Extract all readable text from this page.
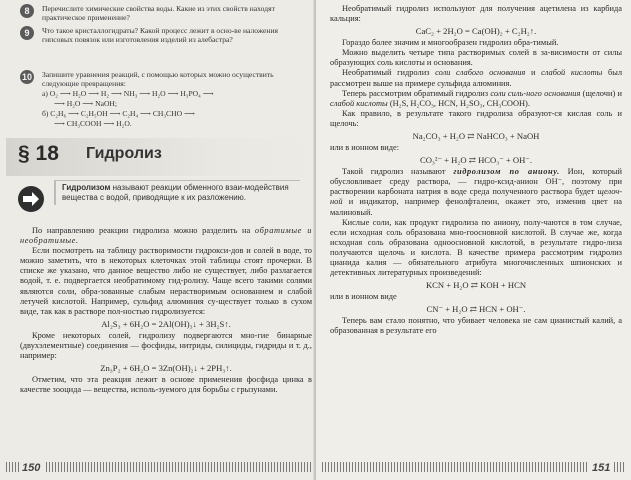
8	Перечислите химические свойства воды. Какие из этих свойств находят практическое применение?
9	Что такое кристаллогидраты? Какой процесс лежит в осно-ве наложения гипсовых повязок или изготовления изделий из алебастра?
10 Запишите уравнения реакций, с помощью которых можно осуществить следующие превращения:
а) O₂ ⟶ H₂O ⟶ H₂ ⟶ NH₃ ⟶ H₂O ⟶ H₃PO₄ ⟶
⟶ H₂O ⟶ NaOH;
б) C₂H₆ ⟶ C₂H₅OH ⟶ C₂H₄ ⟶ CH₃CHO ⟶
⟶ CH₃COOH ⟶ H₂O.
§ 18 Гидролиз
Гидролизом называют реакции обменного взаи-модействия вещества с водой, приводящие к их разложению.

По направлению реакции гидролиза можно разделить на обратимые и необратимые.

Если посмотреть на таблицу растворимости гидрокси-дов и солей в воде, то можно заметить, что в некоторых клеточках этой таблицы стоят прочерки. В списке же указано, что данное вещество либо не существует, либо разлагается водой, т. е. подвергается необратимому гид-ролизу. Чаще всего такими солями являются соли, обра-зованные слабым нерастворимым основанием и слабой летучей кислотой. Например, сульфид алюминия су-ществует только в сухом виде, так как в растворе пол-ностью гидролизуется:

Al₂S₃ + 6H₂O = 2Al(OH)₃↓ + 3H₂S↑.

Кроме некоторых солей, гидролизу подвергаются мно-гие бинарные (двухэлементные) соединения — фосфиды, нитриды, силициды, гидриды и т. д., например:

Zn₃P₂ + 6H₂O = 3Zn(OH)₂↓ + 2PH₃↑.

Отметим, что эта реакция лежит в основе применения фосфида цинка в качестве зооцида — вещества, исполь-зуемого для борьбы с грызунами.

150

Необратимый гидролиз используют для получения ацетилена из карбида кальция:

CaC₂ + 2H₂O = Ca(OH)₂ + C₂H₂↑.

Гораздо более значим и многообразен гидролиз обра-тимый.

Можно выделить четыре типа растворимых солей в за-висимости от силы образующих соль кислоты и основания.

Необратимый гидролиз соли слабого основания и слабой кислоты был рассмотрен выше на примере сульфида алюминия.

Теперь рассмотрим обратимый гидролиз соли силь-ного основания (щелочи) и слабой кислоты (H₂S, H₂CO₃, HCN, H₂SO₃, CH₃COOH).

Как правило, в результате такого гидролиза образуют-ся кислая соль и щелочь:

Na₂CO₃ + H₂O ⇄ NaHCO₃ + NaOH

или в ионном виде:

CO₃²⁻ + H₂O ⇄ HCO₃⁻ + OH⁻.

Такой гидролиз называют гидролизом по аниону. Ион, который обусловливает среду раствора, — гидро-ксид-анион OH⁻, поэтому при растворении карбоната натрия в воде среда полученного раствора будет щелоч-ной и индикатор, например фенолфталеин, окажет это, изменив цвет на малиновый.

Кислые соли, как продукт гидролиза по аниону, полу-чаются в том случае, если исходная соль образована мно-гоосновной кислотой. В случае же, когда исходная соль образована одноосновной кислотой, в результате гидро-лиза получаются щелочь и кислота. В качестве примера рассмотрим гидролиз цианида калия — обязательного атрибута многочисленных шпионских и детективных литературных произведений:

KCN + H₂O ⇄ KOH + HCN

или в ионном виде

CN⁻ + H₂O ⇄ HCN + OH⁻.

Теперь вам стало понятно, что убивает человека не сам цианистый калий, а образованная в результате его

151
